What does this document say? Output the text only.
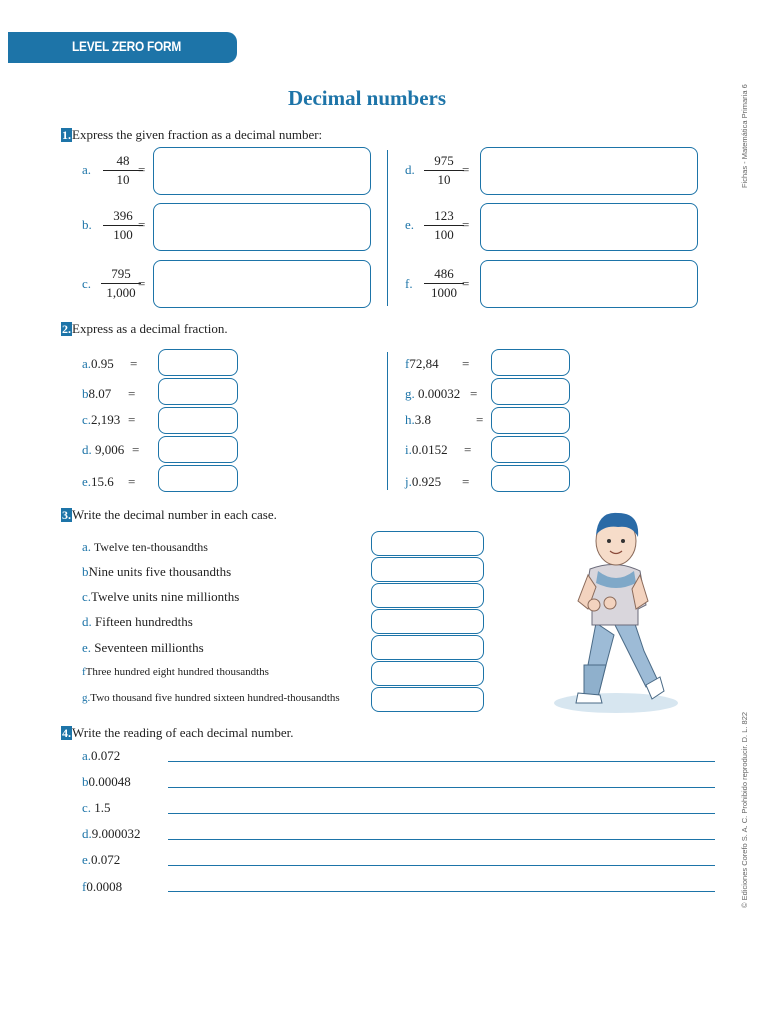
LEVEL ZERO FORM
Fichas - Matemática Primaria 6
© Ediciones Corefo S. A. C. Prohibido reproducir. D. L. 822
Decimal numbers
1. Express the given fraction as a decimal number:
a.
48
10
=
b.
396
100
=
c.
795
1,000
=
d.
975
10
=
e.
123
100
=
f.
486
1000
=
2. Express as a decimal fraction.
a.0.95 =
b8.07 =
c.2,193 =
d. 9,006 =
e.15.6 =
f72,84 =
g. 0.00032 =
h.3.8	=
i.0.0152 =
j.0.925 =
3. Write the decimal number in each case.
a. Twelve ten-thousandths
bNine units five thousandths
c.Twelve units nine millionths
d. Fifteen hundredths
e. Seventeen millionths
fThree hundred eight hundred thousandths
g.Two thousand five hundred sixteen hundred-thousandths
4. Write the reading of each decimal number.
a.0.072
b0.00048
c. 1.5
d.9.000032
e.0.072
f0.0008
